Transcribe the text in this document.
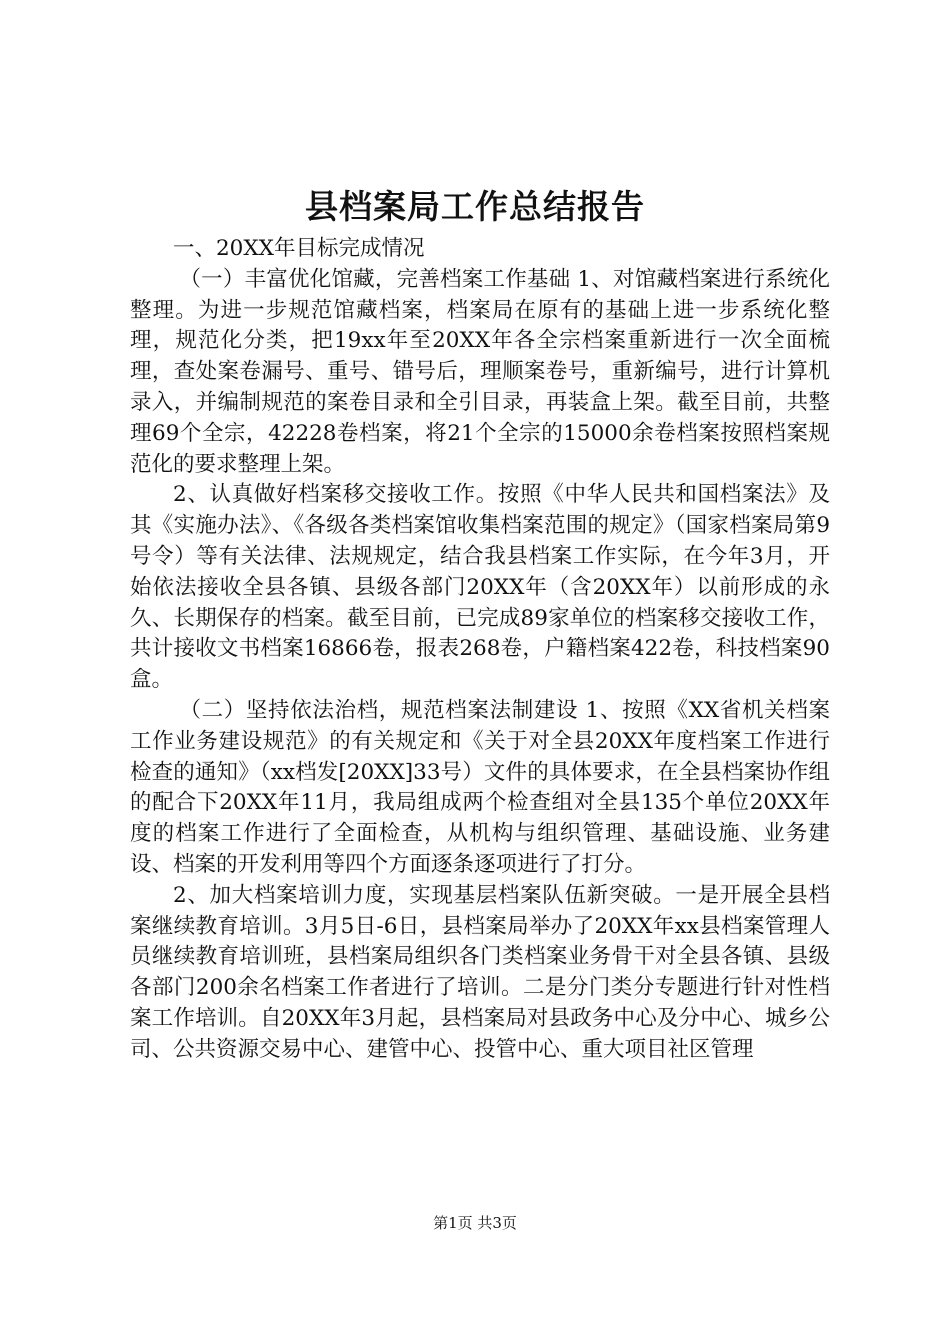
县档案局工作总结报告

一、20XX年目标完成情况

（一）丰富优化馆藏，完善档案工作基础 1、对馆藏档案进行系统化整理。为进一步规范馆藏档案，档案局在原有的基础上进一步系统化整理，规范化分类，把19xx年至20XX年各全宗档案重新进行一次全面梳理，查处案卷漏号、重号、错号后，理顺案卷号，重新编号，进行计算机录入，并编制规范的案卷目录和全引目录，再装盒上架。截至目前，共整理69个全宗，42228卷档案，将21个全宗的15000余卷档案按照档案规范化的要求整理上架。

2、认真做好档案移交接收工作。按照《中华人民共和国档案法》及其《实施办法》、《各级各类档案馆收集档案范围的规定》（国家档案局第9号令）等有关法律、法规规定，结合我县档案工作实际，在今年3月，开始依法接收全县各镇、县级各部门20XX年（含20XX年）以前形成的永久、长期保存的档案。截至目前，已完成89家单位的档案移交接收工作，共计接收文书档案16866卷，报表268卷，户籍档案422卷，科技档案90盒。

（二）坚持依法治档，规范档案法制建设 1、按照《XX省机关档案工作业务建设规范》的有关规定和《关于对全县20XX年度档案工作进行检查的通知》（xx档发[20XX]33号）文件的具体要求，在全县档案协作组的配合下20XX年11月，我局组成两个检查组对全县135个单位20XX年度的档案工作进行了全面检查，从机构与组织管理、基础设施、业务建设、档案的开发利用等四个方面逐条逐项进行了打分。

2、加大档案培训力度，实现基层档案队伍新突破。一是开展全县档案继续教育培训。3月5日-6日，县档案局举办了20XX年xx县档案管理人员继续教育培训班，县档案局组织各门类档案业务骨干对全县各镇、县级各部门200余名档案工作者进行了培训。二是分门类分专题进行针对性档案工作培训。自20XX年3月起，县档案局对县政务中心及分中心、城乡公司、公共资源交易中心、建管中心、投管中心、重大项目社区管理

第1页 共3页
